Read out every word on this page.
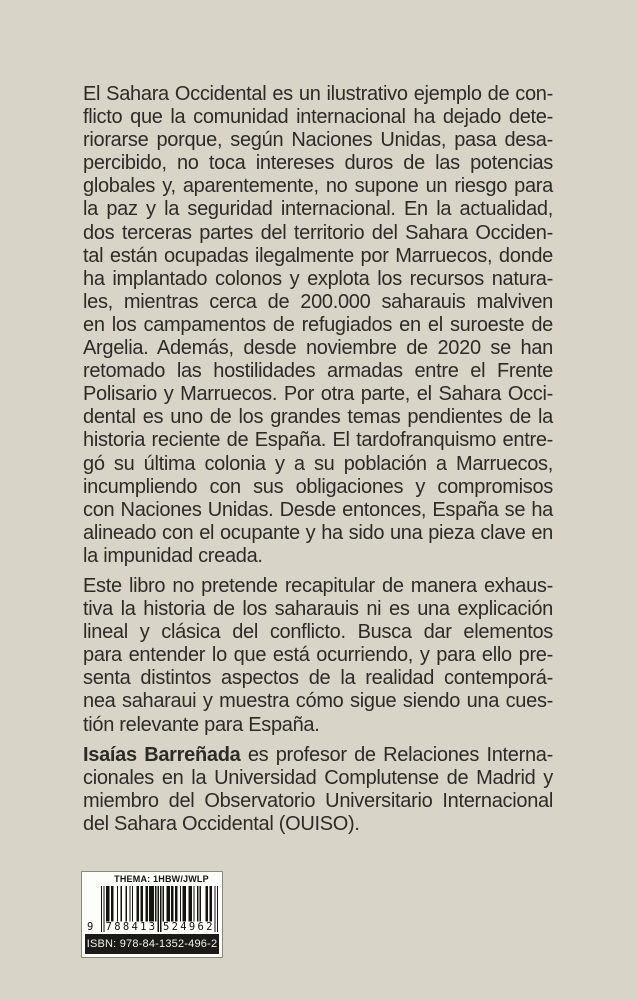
El Sahara Occidental es un ilustrativo ejemplo de con-
flicto que la comunidad internacional ha dejado dete-
riorarse porque, según Naciones Unidas, pasa desa-
percibido, no toca intereses duros de las potencias
globales y, aparentemente, no supone un riesgo para
la paz y la seguridad internacional. En la actualidad,
dos terceras partes del territorio del Sahara Occiden-
tal están ocupadas ilegalmente por Marruecos, donde
ha implantado colonos y explota los recursos natura-
les, mientras cerca de 200.000 saharauis malviven
en los campamentos de refugiados en el suroeste de
Argelia. Además, desde noviembre de 2020 se han
retomado las hostilidades armadas entre el Frente
Polisario y Marruecos. Por otra parte, el Sahara Occi-
dental es uno de los grandes temas pendientes de la
historia reciente de España. El tardofranquismo entre-
gó su última colonia y a su población a Marruecos,
incumpliendo con sus obligaciones y compromisos
con Naciones Unidas. Desde entonces, España se ha
alineado con el ocupante y ha sido una pieza clave en
la impunidad creada.
Este libro no pretende recapitular de manera exhaus-
tiva la historia de los saharauis ni es una explicación
lineal y clásica del conflicto. Busca dar elementos
para entender lo que está ocurriendo, y para ello pre-
senta distintos aspectos de la realidad contemporá-
nea saharaui y muestra cómo sigue siendo una cues-
tión relevante para España.
Isaías Barreñada es profesor de Relaciones Interna-
cionales en la Universidad Complutense de Madrid y
miembro del Observatorio Universitario Internacional
del Sahara Occidental (OUISO).
THEMA: 1HBW/JWLP
9 788413 524962
ISBN: 978-84-1352-496-2
